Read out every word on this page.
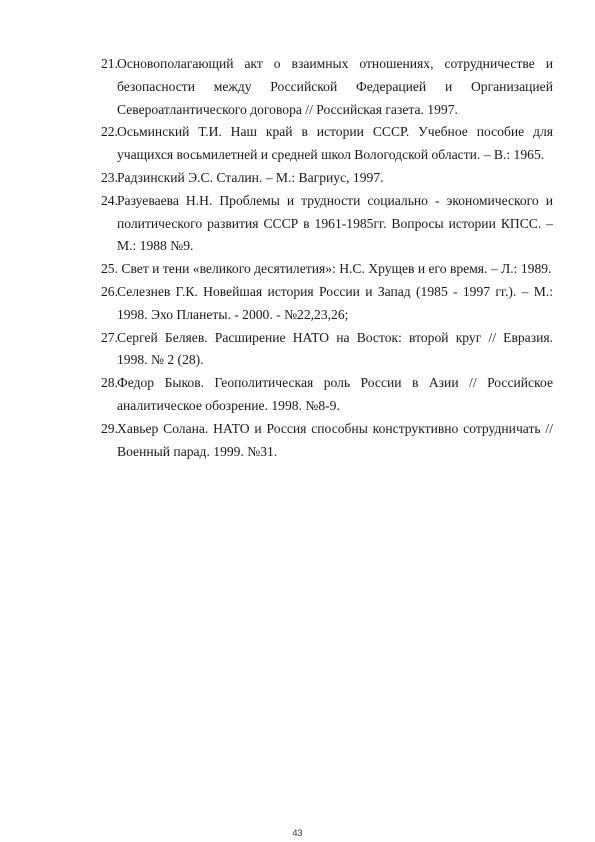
21. Основополагающий акт о взаимных отношениях, сотрудничестве и безопасности между Российской Федерацией и Организацией Североатлантического договора // Российская газета. 1997.
22. Осьминский Т.И. Наш край в истории СССР. Учебное пособие для учащихся восьмилетней и средней школ Вологодской области. – В.: 1965.
23. Радзинский Э.С. Сталин. – М.: Вагриус, 1997.
24. Разуеваева Н.Н. Проблемы и трудности социально - экономического и политического развития СССР в 1961-1985гг. Вопросы истории КПСС. – М.: 1988 №9.
25. Свет и тени «великого десятилетия»: Н.С. Хрущев и его время. – Л.: 1989.
26. Селезнев Г.К. Новейшая история России и Запад (1985 - 1997 гг.). – М.: 1998. Эхо Планеты. - 2000. - №22,23,26;
27. Сергей Беляев. Расширение НАТО на Восток: второй круг // Евразия. 1998. № 2 (28).
28. Федор Быков. Геополитическая роль России в Азии // Российское аналитическое обозрение. 1998. №8-9.
29. Хавьер Солана. НАТО и Россия способны конструктивно сотрудничать // Военный парад. 1999. №31.
43
